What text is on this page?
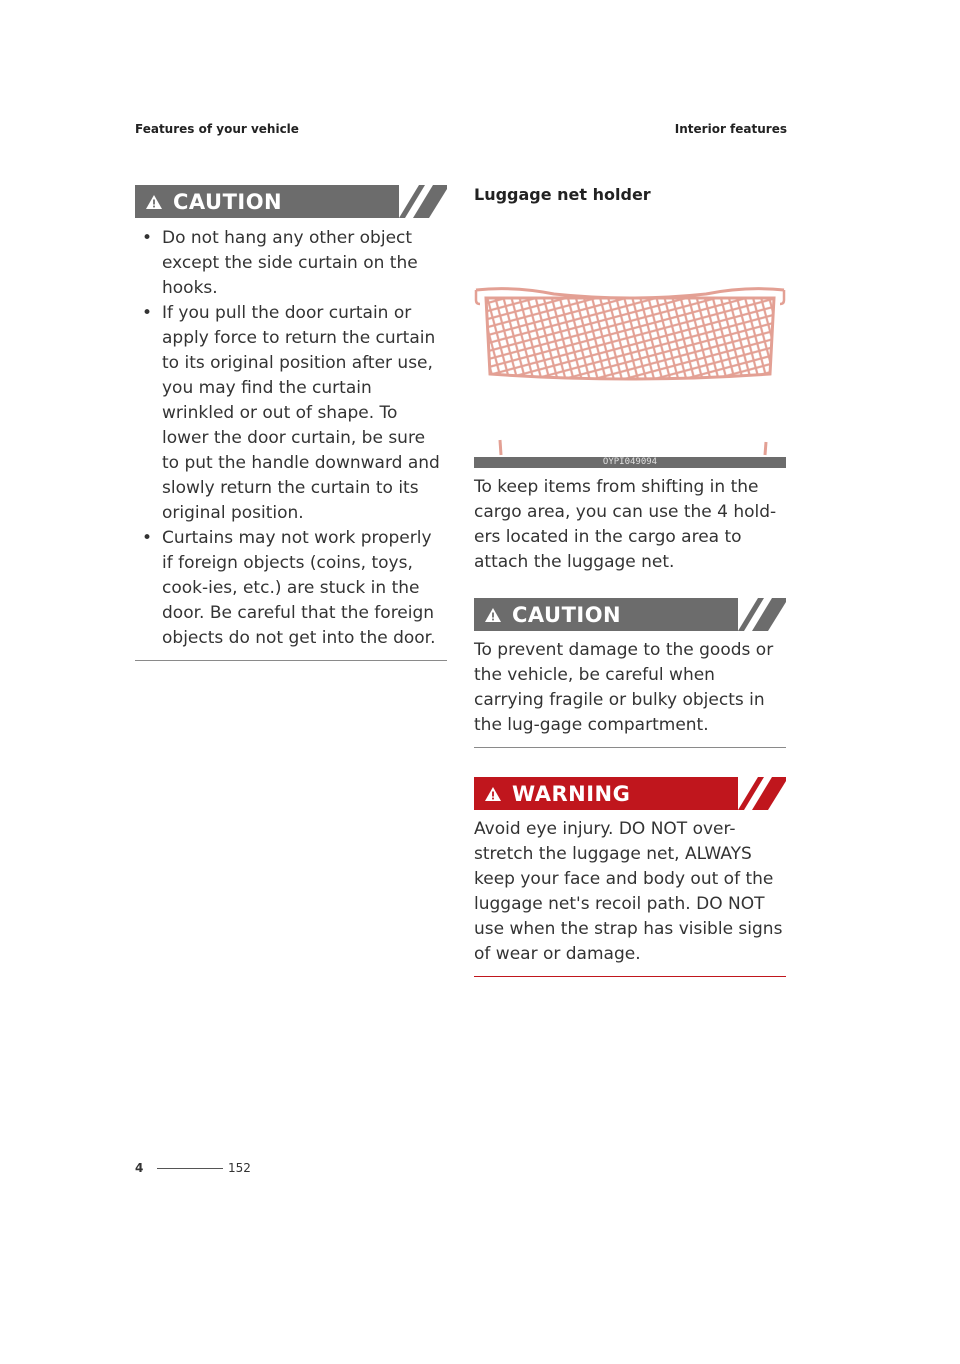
Features of your vehicle	Interior features
CAUTION
• Do not hang any other object except the side curtain on the hooks.
• If you pull the door curtain or apply force to return the curtain to its original position after use, you may find the curtain wrinkled or out of shape. To lower the door curtain, be sure to put the handle downward and slowly return the curtain to its original position.
• Curtains may not work properly if foreign objects (coins, toys, cook-ies, etc.) are stuck in the door. Be careful that the foreign objects do not get into the door.
Luggage net holder
OYPI049094

To keep items from shifting in the cargo area, you can use the 4 hold-ers located in the cargo area to attach the luggage net.

CAUTION

To prevent damage to the goods or the vehicle, be careful when carrying fragile or bulky objects in the lug-gage compartment.

WARNING

Avoid eye injury. DO NOT over-stretch the luggage net, ALWAYS keep your face and body out of the luggage net's recoil path. DO NOT use when the strap has visible signs of wear or damage.

4	152
